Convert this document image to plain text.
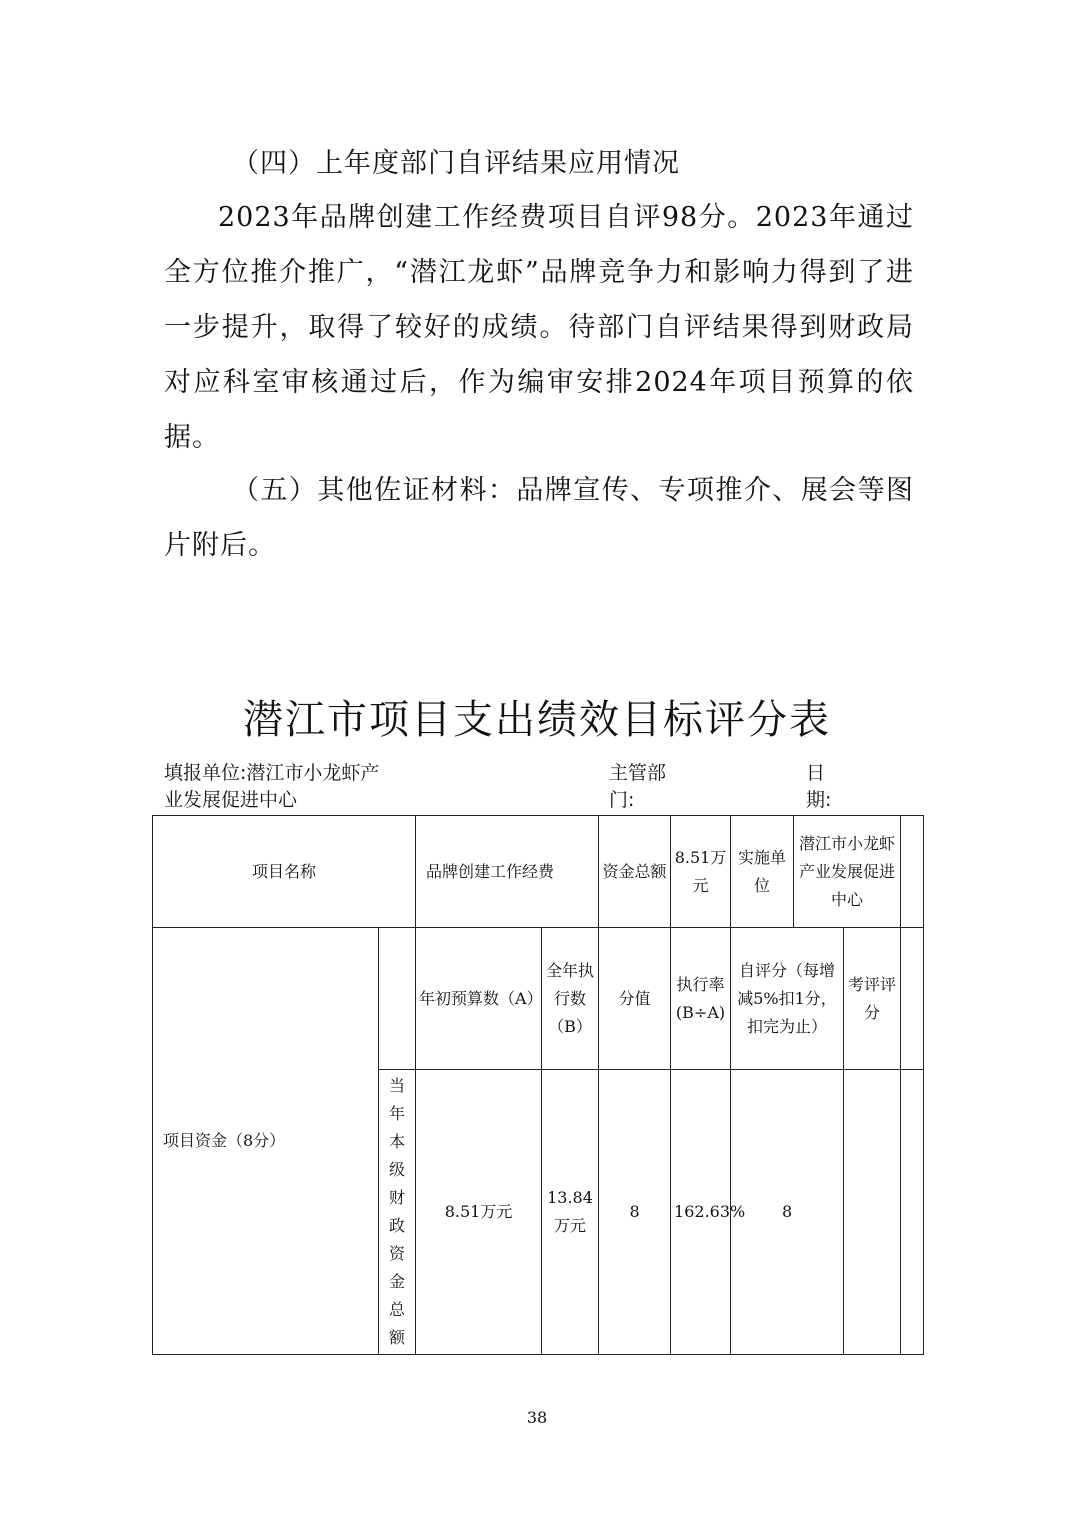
（四）上年度部门自评结果应用情况

2023年品牌创建工作经费项目自评98分。2023年通过全方位推介推广，“潜江龙虾”品牌竞争力和影响力得到了进一步提升，取得了较好的成绩。待部门自评结果得到财政局对应科室审核通过后，作为编审安排2024年项目预算的依据。

（五）其他佐证材料：品牌宣传、专项推介、展会等图片附后。

潜江市项目支出绩效目标评分表
填报单位:潜江市小龙虾产业发展促进中心
主管部门:
日期:
项目名称		品牌创建工作经费		资金总额	8.51万元	实施单位	潜江市小龙虾产业发展促进中心		
项目资金（8分）		年初预算数（A）	全年执行数（B）	分值	执行率(B÷A)	自评分（每增减5%扣1分，扣完为止）		考评评分	
	当年本级财政资金总额	8.51万元	13.84万元	8	162.63%	8			
38
